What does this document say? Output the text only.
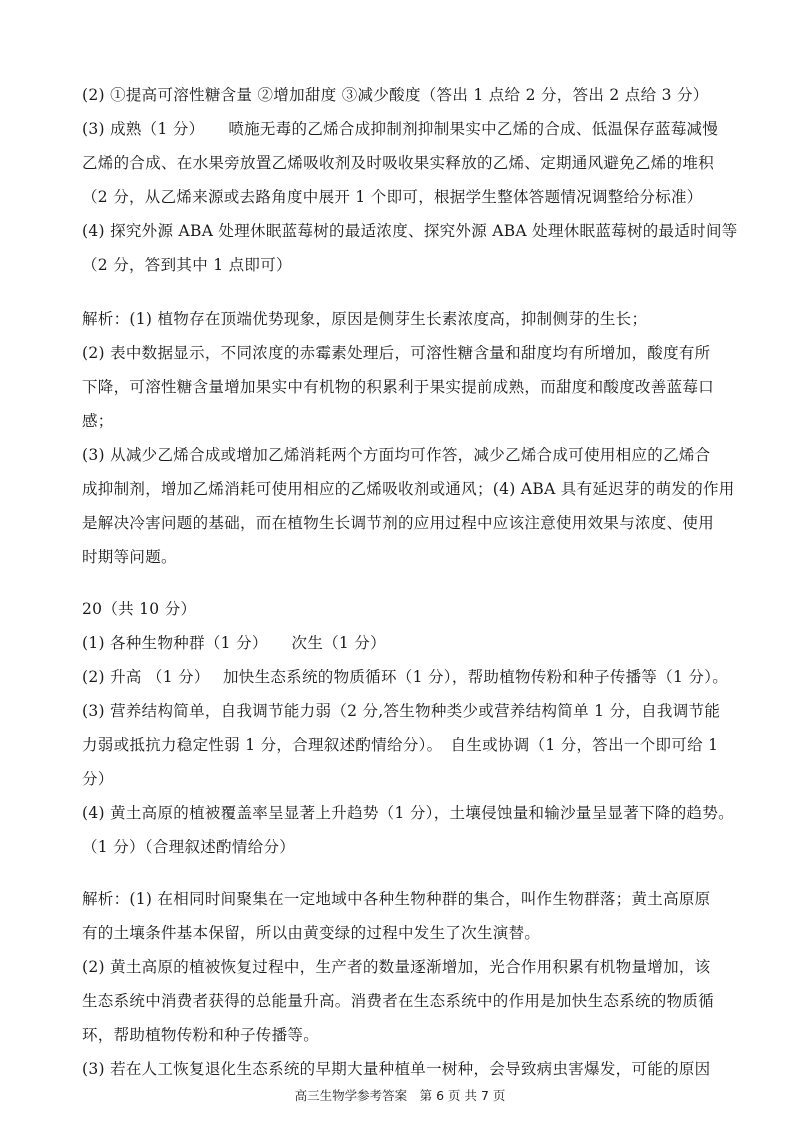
(2) ①提高可溶性糖含量 ②增加甜度 ③减少酸度（答出 1 点给 2 分，答出 2 点给 3 分）
(3) 成熟（1 分）　　喷施无毒的乙烯合成抑制剂抑制果实中乙烯的合成、低温保存蓝莓减慢
乙烯的合成、在水果旁放置乙烯吸收剂及时吸收果实释放的乙烯、定期通风避免乙烯的堆积
（2 分，从乙烯来源或去路角度中展开 1 个即可，根据学生整体答题情况调整给分标准）
(4) 探究外源 ABA 处理休眠蓝莓树的最适浓度、探究外源 ABA 处理休眠蓝莓树的最适时间等
（2 分，答到其中 1 点即可）
解析：(1) 植物存在顶端优势现象，原因是侧芽生长素浓度高，抑制侧芽的生长；
(2) 表中数据显示，不同浓度的赤霉素处理后，可溶性糖含量和甜度均有所增加，酸度有所
下降，可溶性糖含量增加果实中有机物的积累利于果实提前成熟，而甜度和酸度改善蓝莓口
感；
(3) 从减少乙烯合成或增加乙烯消耗两个方面均可作答，减少乙烯合成可使用相应的乙烯合
成抑制剂，增加乙烯消耗可使用相应的乙烯吸收剂或通风；(4) ABA 具有延迟芽的萌发的作用
是解决冷害问题的基础，而在植物生长调节剂的应用过程中应该注意使用效果与浓度、使用
时期等问题。
20（共 10 分）
(1) 各种生物种群（1 分）　　次生（1 分）
(2) 升高 （1 分）　 加快生态系统的物质循环（1 分），帮助植物传粉和种子传播等（1 分）。
(3) 营养结构简单，自我调节能力弱（2 分,答生物种类少或营养结构简单 1 分，自我调节能
力弱或抵抗力稳定性弱 1 分，合理叙述酌情给分）。　自生或协调（1 分，答出一个即可给 1
分）
(4) 黄土高原的植被覆盖率呈显著上升趋势（1 分），土壤侵蚀量和输沙量呈显著下降的趋势。
（1 分）（合理叙述酌情给分）
解析：(1) 在相同时间聚集在一定地域中各种生物种群的集合，叫作生物群落；黄土高原原
有的土壤条件基本保留，所以由黄变绿的过程中发生了次生演替。
(2) 黄土高原的植被恢复过程中，生产者的数量逐渐增加，光合作用积累有机物量增加，该
生态系统中消费者获得的总能量升高。消费者在生态系统中的作用是加快生态系统的物质循
环，帮助植物传粉和种子传播等。
(3) 若在人工恢复退化生态系统的早期大量种植单一树种，会导致病虫害爆发，可能的原因
高三生物学参考答案　第 6 页 共 7 页
